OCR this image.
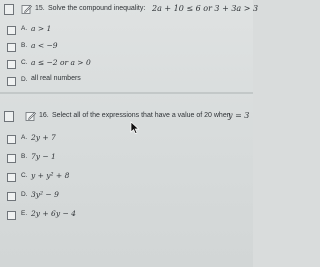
15. Solve the compound inequality: 2a + 10 ≤ 6 or 3 + 3a > 3
A. a > 1
B. a < −9
C. a ≤ −2 or a > 0
D. all real numbers
16. Select all of the expressions that have a value of 20 when
y = 3
A. 2y + 7
B. 7y − 1
C. y + y² + 8
D. 3y² − 9
E. 2y + 6y − 4
